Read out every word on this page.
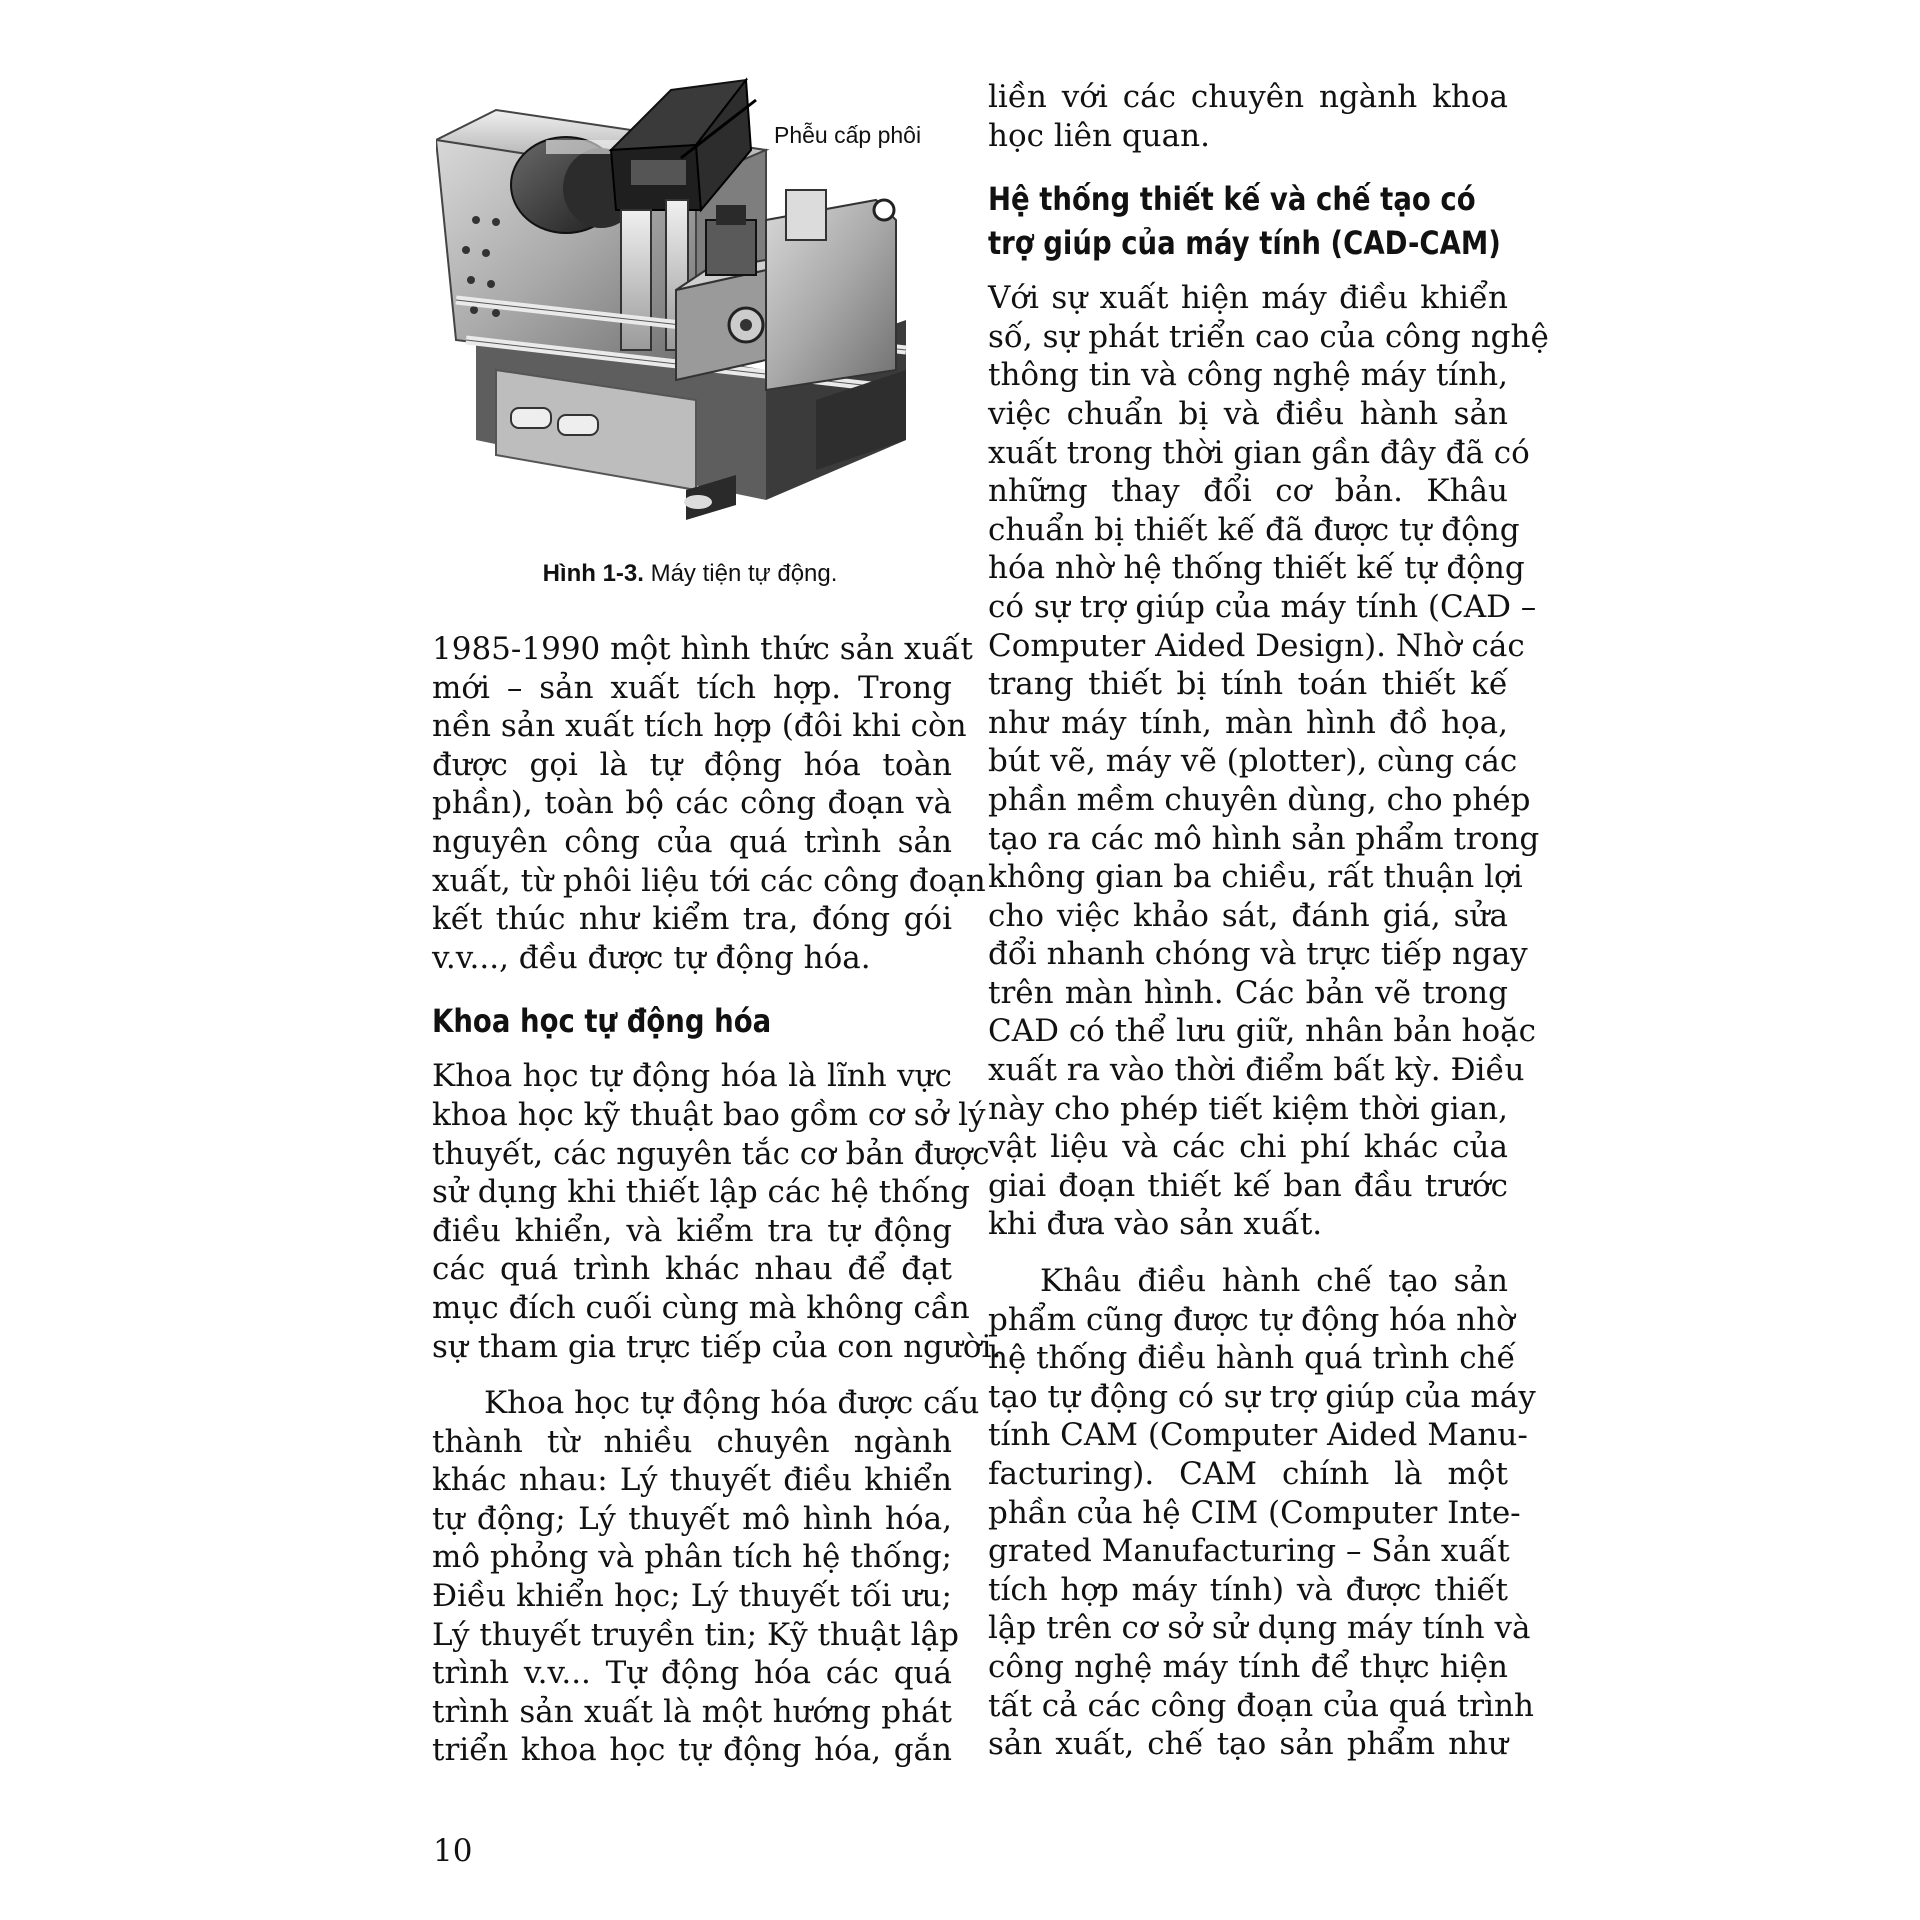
Phễu cấp phôi
Hình 1-3. Máy tiện tự động.
1985-1990 một hình thức sản xuất
mới – sản xuất tích hợp. Trong
nền sản xuất tích hợp (đôi khi còn
được gọi là tự động hóa toàn
phần), toàn bộ các công đoạn và
nguyên công của quá trình sản
xuất, từ phôi liệu tới các công đoạn
kết thúc như kiểm tra, đóng gói
v.v..., đều được tự động hóa.
Khoa học tự động hóa
Khoa học tự động hóa là lĩnh vực
khoa học kỹ thuật bao gồm cơ sở lý
thuyết, các nguyên tắc cơ bản được
sử dụng khi thiết lập các hệ thống
điều khiển, và kiểm tra tự động
các quá trình khác nhau để đạt
mục đích cuối cùng mà không cần
sự tham gia trực tiếp của con người.
Khoa học tự động hóa được cấu
thành từ nhiều chuyên ngành
khác nhau: Lý thuyết điều khiển
tự động; Lý thuyết mô hình hóa,
mô phỏng và phân tích hệ thống;
Điều khiển học; Lý thuyết tối ưu;
Lý thuyết truyền tin; Kỹ thuật lập
trình v.v... Tự động hóa các quá
trình sản xuất là một hướng phát
triển khoa học tự động hóa, gắn
liền với các chuyên ngành khoa
học liên quan.
Hệ thống thiết kế và chế tạo có
trợ giúp của máy tính (CAD-CAM)
Với sự xuất hiện máy điều khiển
số, sự phát triển cao của công nghệ
thông tin và công nghệ máy tính,
việc chuẩn bị và điều hành sản
xuất trong thời gian gần đây đã có
những thay đổi cơ bản. Khâu
chuẩn bị thiết kế đã được tự động
hóa nhờ hệ thống thiết kế tự động
có sự trợ giúp của máy tính (CAD –
Computer Aided Design). Nhờ các
trang thiết bị tính toán thiết kế
như máy tính, màn hình đồ họa,
bút vẽ, máy vẽ (plotter), cùng các
phần mềm chuyên dùng, cho phép
tạo ra các mô hình sản phẩm trong
không gian ba chiều, rất thuận lợi
cho việc khảo sát, đánh giá, sửa
đổi nhanh chóng và trực tiếp ngay
trên màn hình. Các bản vẽ trong
CAD có thể lưu giữ, nhân bản hoặc
xuất ra vào thời điểm bất kỳ. Điều
này cho phép tiết kiệm thời gian,
vật liệu và các chi phí khác của
giai đoạn thiết kế ban đầu trước
khi đưa vào sản xuất.
Khâu điều hành chế tạo sản
phẩm cũng được tự động hóa nhờ
hệ thống điều hành quá trình chế
tạo tự động có sự trợ giúp của máy
tính CAM (Computer Aided Manu-
facturing). CAM chính là một
phần của hệ CIM (Computer Inte-
grated Manufacturing – Sản xuất
tích hợp máy tính) và được thiết
lập trên cơ sở sử dụng máy tính và
công nghệ máy tính để thực hiện
tất cả các công đoạn của quá trình
sản xuất, chế tạo sản phẩm như
10
